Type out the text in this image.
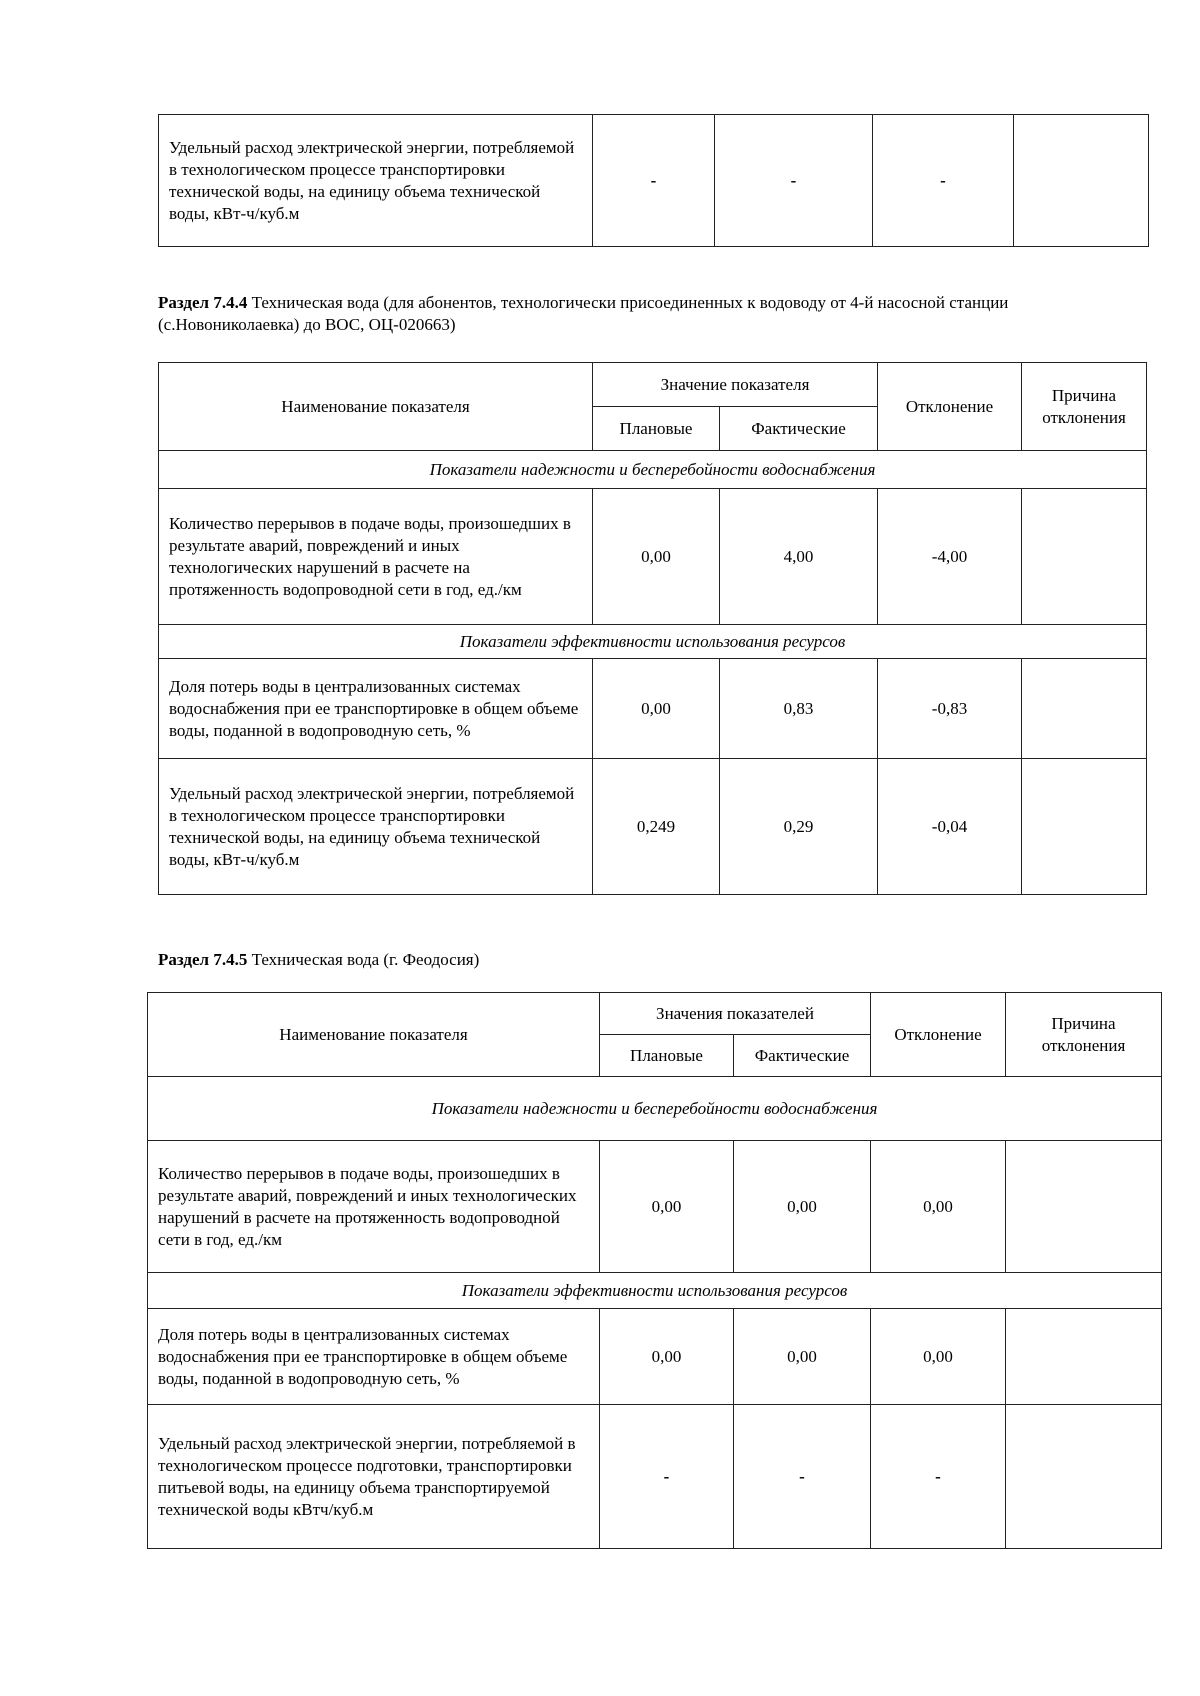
Удельный расход электрической энергии, потребляемой в технологическом процессе транспортировки технической воды, на единицу объема технической воды, кВт-ч/куб.м	-	-	-	

Раздел 7.4.4 Техническая вода (для абонентов, технологически присоединенных к водоводу от 4-й насосной станции (с.Новониколаевка) до ВОС, ОЦ-020663)

Наименование показателя	Значение показателя		Отклонение	Причина отклонения
	Плановые	Фактические		
Показатели надежности и бесперебойности водоснабжения				
Количество перерывов в подаче воды, произошедших в результате аварий, повреждений и иных технологических нарушений в расчете на протяженность водопроводной сети в год, ед./км	0,00	4,00	-4,00	
Показатели эффективности использования ресурсов				
Доля потерь воды в централизованных системах водоснабжения при ее транспортировке в общем объеме воды, поданной в водопроводную сеть, %	0,00	0,83	-0,83	
Удельный расход электрической энергии, потребляемой в технологическом процессе транспортировки технической воды, на единицу объема технической воды, кВт-ч/куб.м	0,249	0,29	-0,04	

Раздел 7.4.5 Техническая вода (г. Феодосия)

Наименование показателя	Значения показателей		Отклонение	Причина отклонения
	Плановые	Фактические		
Показатели надежности и бесперебойности водоснабжения				
Количество перерывов в подаче воды, произошедших в результате аварий, повреждений и иных технологических нарушений в расчете на протяженность водопроводной сети в год, ед./км	0,00	0,00	0,00	
Показатели эффективности использования ресурсов				
Доля потерь воды в централизованных системах водоснабжения при ее транспортировке в общем объеме воды, поданной в водопроводную сеть, %	0,00	0,00	0,00	
Удельный расход электрической энергии, потребляемой в технологическом процессе подготовки, транспортировки питьевой воды, на единицу объема транспортируемой технической воды кВтч/куб.м	-	-	-	
